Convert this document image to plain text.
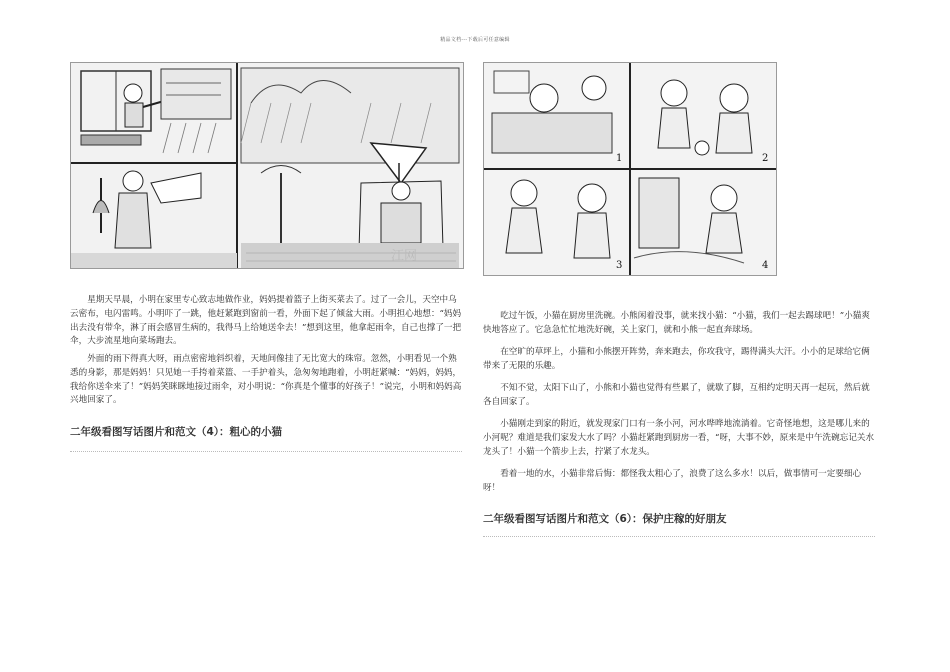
精品文档---下载后可任意编辑
江网

星期天早晨，小明在家里专心致志地做作业，妈妈提着篮子上街买菜去了。过了一会儿，天空中乌云密布，电闪雷鸣。小明吓了一跳，他赶紧跑到窗前一看，外面下起了倾盆大雨。小明担心地想：“妈妈出去没有带伞，淋了雨会感冒生病的，我得马上给她送伞去！”想到这里，他拿起雨伞，自己也撑了一把伞，大步流星地向菜场跑去。

外面的雨下得真大呀，雨点密密地斜织着，天地间像挂了无比宽大的珠帘。忽然，小明看见一个熟悉的身影，那是妈妈！只见她一手挎着菜篮、一手护着头，急匆匆地跑着，小明赶紧喊：“妈妈，妈妈，我给你送伞来了！”妈妈笑眯眯地接过雨伞，对小明说：“你真是个懂事的好孩子！”说完，小明和妈妈高兴地回家了。

二年级看图写话图片和范文（4）：粗心的小猫
1	2
3	4

吃过午饭，小猫在厨房里洗碗。小熊闲着没事，就来找小猫：“小猫，我们一起去踢球吧！”小猫爽快地答应了。它急急忙忙地洗好碗，关上家门，就和小熊一起直奔球场。

在空旷的草坪上，小猫和小熊摆开阵势，奔来跑去，你攻我守，踢得满头大汗。小小的足球给它俩带来了无限的乐趣。

不知不觉，太阳下山了，小熊和小猫也觉得有些累了，就歇了脚，互相约定明天再一起玩，然后就各自回家了。

小猫刚走到家的附近，就发现家门口有一条小河，河水哗哗地流淌着。它奇怪地想，这是哪儿来的小河呢？难道是我们家发大水了吗？小猫赶紧跑到厨房一看，“呀，大事不妙，原来是中午洗碗忘记关水龙头了！小猫一个箭步上去，拧紧了水龙头。

看着一地的水，小猫非常后悔：都怪我太粗心了，浪费了这么多水！以后，做事情可一定要细心呀！

二年级看图写话图片和范文（6）：保护庄稼的好朋友
